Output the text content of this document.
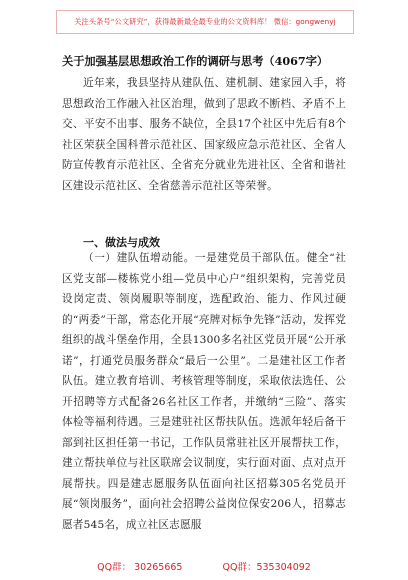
关注头条号“公文研究”，获得最新最全最专业的公文资料库！ 微信：gongwenyj
关于加强基层思想政治工作的调研与思考（4067字）

近年来，我县坚持从建队伍、建机制、建家园入手，将思想政治工作融入社区治理，做到了思政不断档、矛盾不上交、平安不出事、服务不缺位，全县17个社区中先后有8个社区荣获全国科普示范社区、国家级应急示范社区、全省人防宣传教育示范社区、全省充分就业先进社区、全省和谐社区建设示范社区、全省慈善示范社区等荣誉。

一、做法与成效

（一）建队伍增动能。一是建党员干部队伍。健全“社区党支部—楼栋党小组—党员中心户”组织架构，完善党员设岗定责、领岗履职等制度，选配政治、能力、作风过硬的“两委”干部，常态化开展“亮牌对标争先锋”活动，发挥党组织的战斗堡垒作用，全县1300多名社区党员开展“公开承诺”，打通党员服务群众“最后一公里”。二是建社区工作者队伍。建立教育培训、考核管理等制度，采取依法选任、公开招聘等方式配备26名社区工作者，并缴纳“三险”、落实体检等福利待遇。三是建驻社区帮扶队伍。选派年轻后备干部到社区担任第一书记，工作队员常驻社区开展帮扶工作，建立帮扶单位与社区联席会议制度，实行面对面、点对点开展帮扶。四是建志愿服务队伍面向社区招募305名党员开展“领岗服务”，面向社会招聘公益岗位保安206人，招募志愿者545名，成立社区志愿服

QQ群： 30265665	QQ群：535304092
